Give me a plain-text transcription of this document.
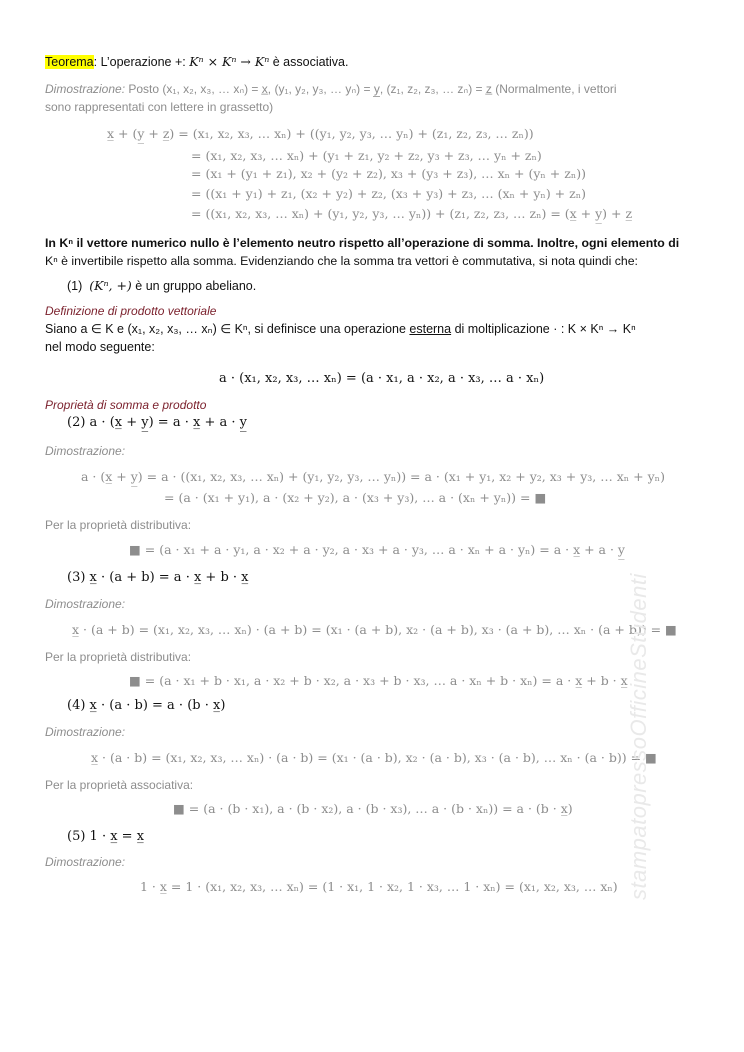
Teorema: L’operazione +: Kⁿ × Kⁿ → Kⁿ è associativa.
Dimostrazione: Posto (x₁, x₂, x₃, … xₙ) = x̲, (y₁, y₂, y₃, … yₙ) = y̲, (z₁, z₂, z₃, … zₙ) = z̲ (Normalmente, i vettori
sono rappresentati con lettere in grassetto)
x̲ + (y̲ + z̲) = (x₁, x₂, x₃, … xₙ) + ((y₁, y₂, y₃, … yₙ) + (z₁, z₂, z₃, … zₙ))
= (x₁, x₂, x₃, … xₙ) + (y₁ + z₁, y₂ + z₂, y₃ + z₃, … yₙ + zₙ)
= (x₁ + (y₁ + z₁), x₂ + (y₂ + z₂), x₃ + (y₃ + z₃), … xₙ + (yₙ + zₙ))
= ((x₁ + y₁) + z₁, (x₂ + y₂) + z₂, (x₃ + y₃) + z₃, … (xₙ + yₙ) + zₙ)
= ((x₁, x₂, x₃, … xₙ) + (y₁, y₂, y₃, … yₙ)) + (z₁, z₂, z₃, … zₙ) = (x̲ + y̲) + z̲
In Kⁿ il vettore numerico nullo è l’elemento neutro rispetto all’operazione di somma. Inoltre, ogni elemento di
Kⁿ è invertibile rispetto alla somma. Evidenziando che la somma tra vettori è commutativa, si nota quindi che:
(1) (Kⁿ, +) è un gruppo abeliano.
Definizione di prodotto vettoriale
Siano a ∈ K e (x₁, x₂, x₃, … xₙ) ∈ Kⁿ, si definisce una operazione esterna di moltiplicazione · : K × Kⁿ → Kⁿ
nel modo seguente:
a · (x₁, x₂, x₃, … xₙ) = (a · x₁, a · x₂, a · x₃, … a · xₙ)
Proprietà di somma e prodotto
(2) a · (x̲ + y̲) = a · x̲ + a · y̲
Dimostrazione:
a · (x̲ + y̲) = a · ((x₁, x₂, x₃, … xₙ) + (y₁, y₂, y₃, … yₙ)) = a · (x₁ + y₁, x₂ + y₂, x₃ + y₃, … xₙ + yₙ)
= (a · (x₁ + y₁), a · (x₂ + y₂), a · (x₃ + y₃), … a · (xₙ + yₙ)) = ■
Per la proprietà distributiva:
■ = (a · x₁ + a · y₁, a · x₂ + a · y₂, a · x₃ + a · y₃, … a · xₙ + a · yₙ) = a · x̲ + a · y̲
(3) x̲ · (a + b) = a · x̲ + b · x̲
Dimostrazione:
x̲ · (a + b) = (x₁, x₂, x₃, … xₙ) · (a + b) = (x₁ · (a + b), x₂ · (a + b), x₃ · (a + b), … xₙ · (a + b)) = ■
Per la proprietà distributiva:
■ = (a · x₁ + b · x₁, a · x₂ + b · x₂, a · x₃ + b · x₃, … a · xₙ + b · xₙ) = a · x̲ + b · x̲
(4) x̲ · (a · b) = a · (b · x̲)
Dimostrazione:
x̲ · (a · b) = (x₁, x₂, x₃, … xₙ) · (a · b) = (x₁ · (a · b), x₂ · (a · b), x₃ · (a · b), … xₙ · (a · b)) = ■
Per la proprietà associativa:
■ = (a · (b · x₁), a · (b · x₂), a · (b · x₃), … a · (b · xₙ)) = a · (b · x̲)
(5) 1 · x̲ = x̲
Dimostrazione:
1 · x̲ = 1 · (x₁, x₂, x₃, … xₙ) = (1 · x₁, 1 · x₂, 1 · x₃, … 1 · xₙ) = (x₁, x₂, x₃, … xₙ) stampatopressoOfficineStudenti
